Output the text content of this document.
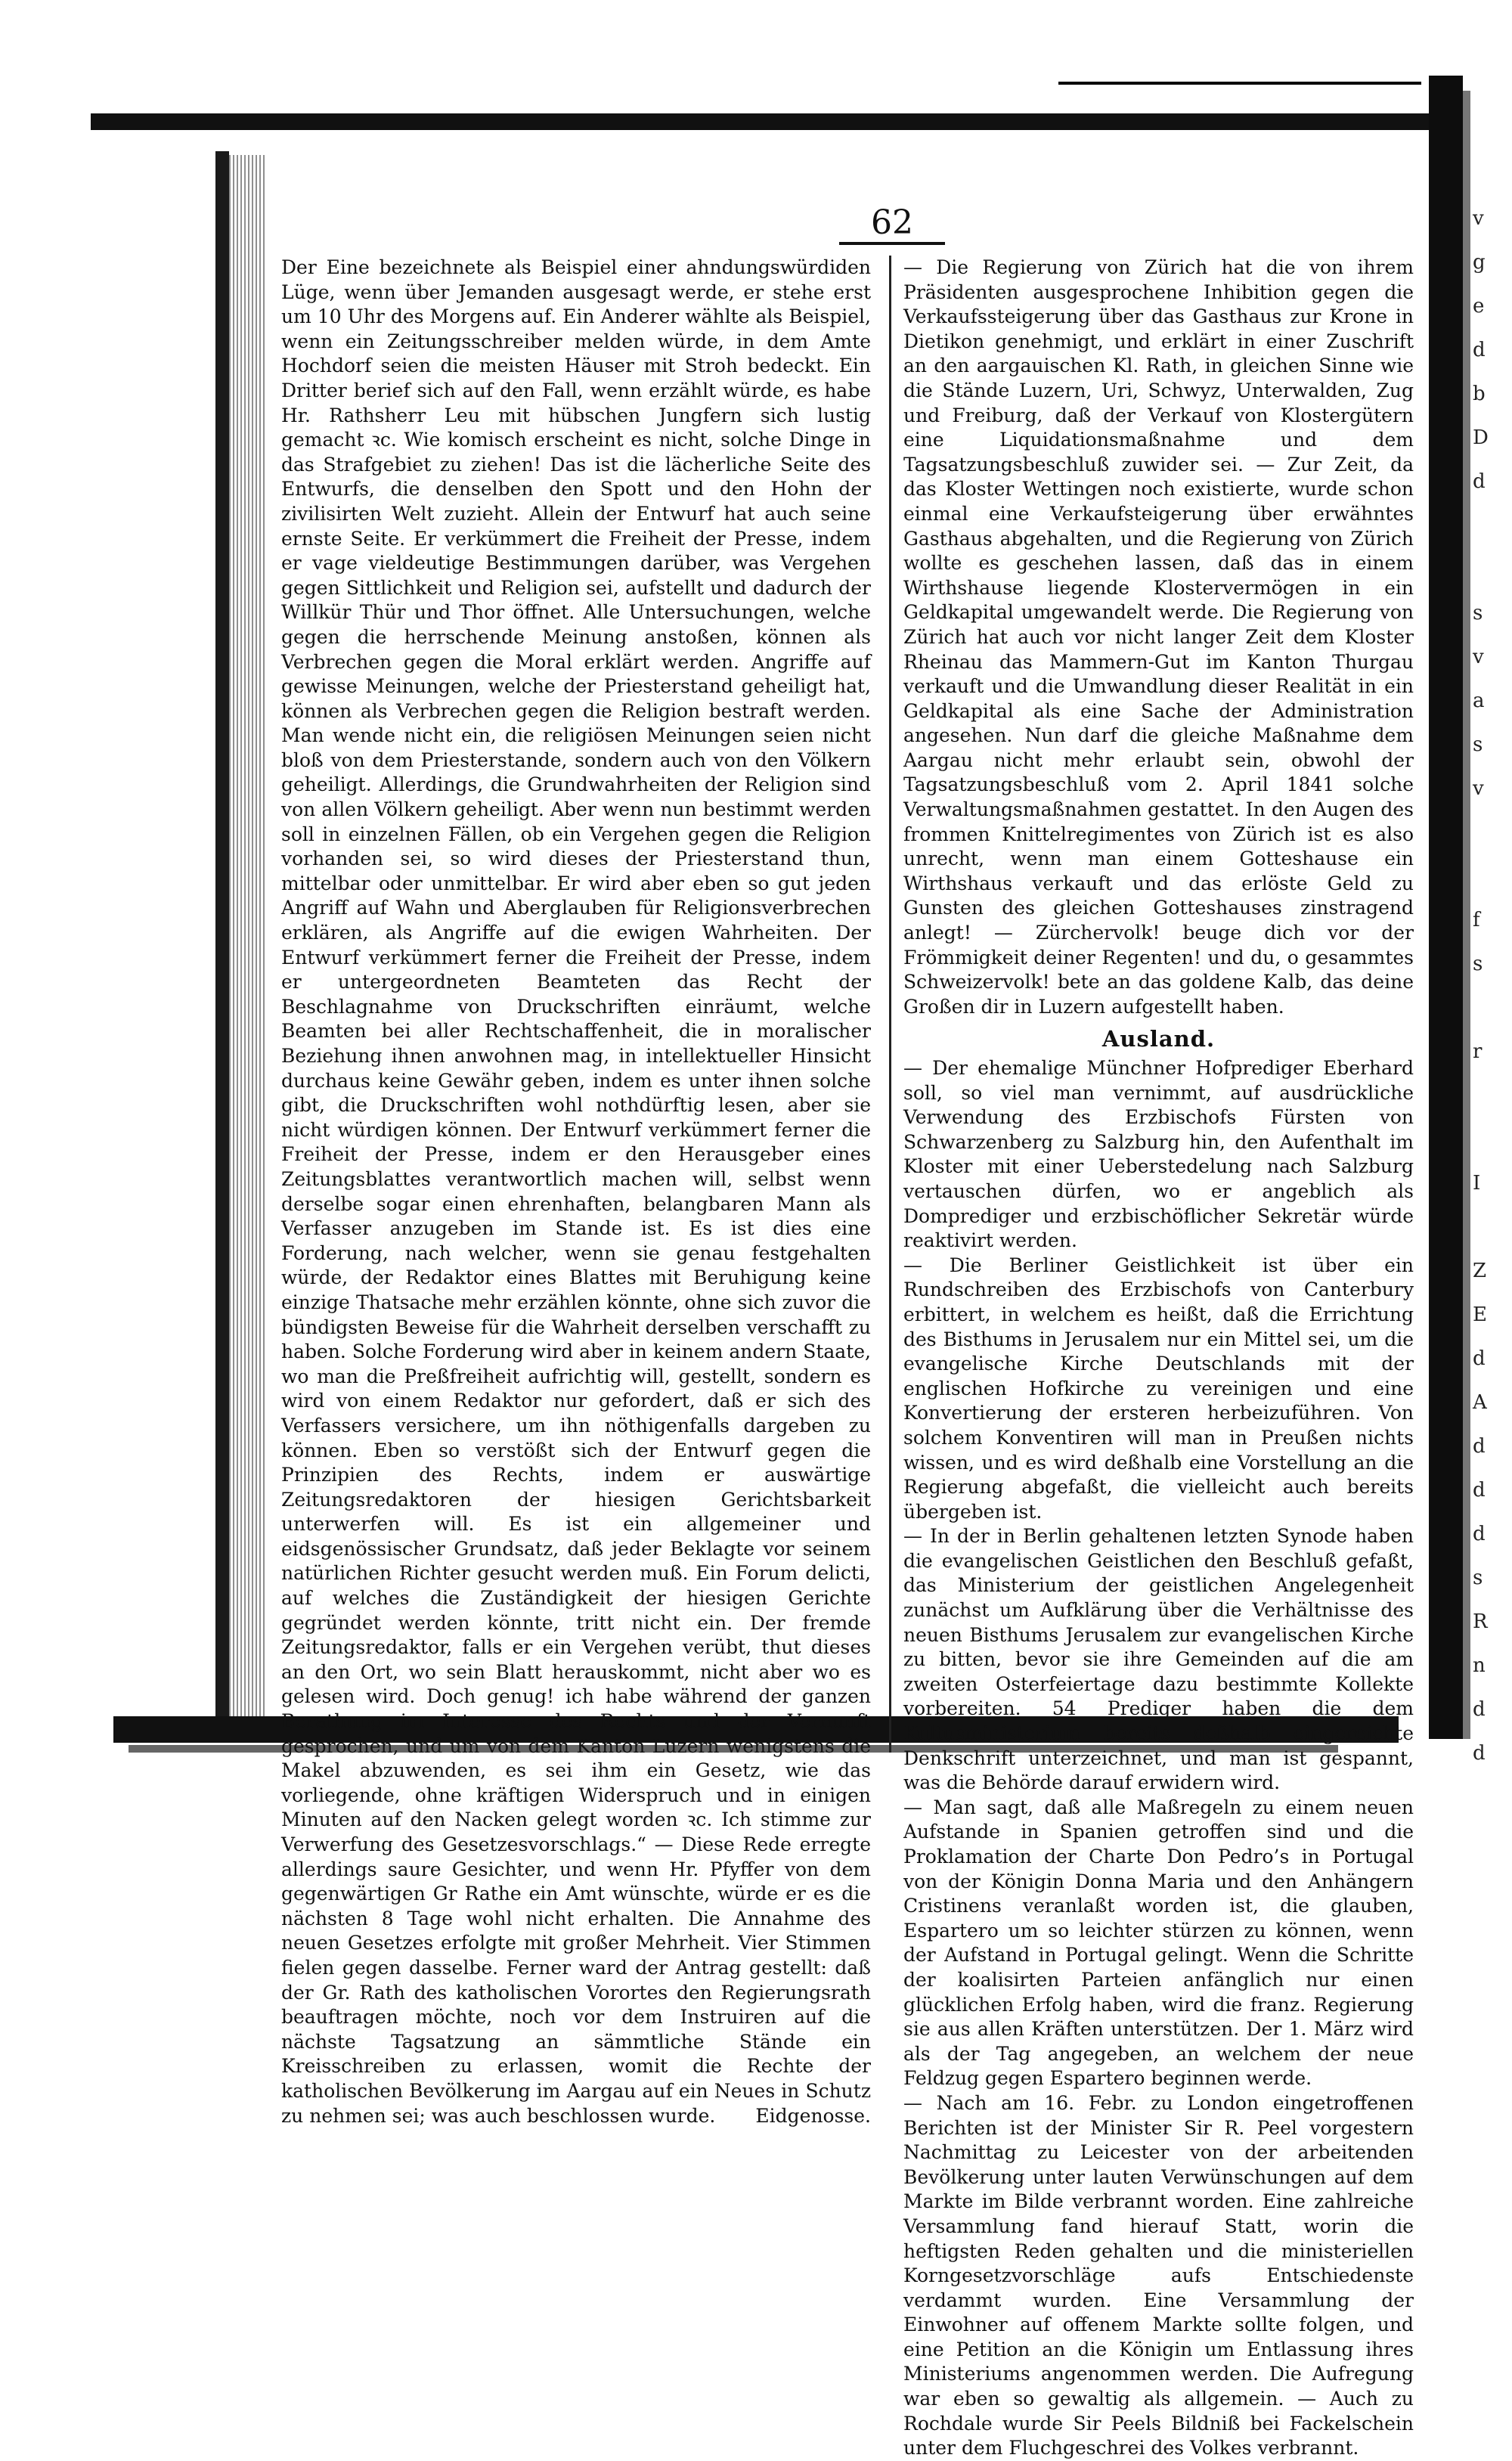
v
g
e
d
b
D
d

s
v
a
s
v

f
s

r

I

Z
E
d
A
d
d
d
s
R
n
d
d
62

Der Eine bezeichnete als Beispiel einer ahndungswürdiden Lüge, wenn über Jemanden ausgesagt werde, er stehe erst um 10 Uhr des Morgens auf. Ein Anderer wählte als Beispiel, wenn ein Zeitungsschreiber melden würde, in dem Amte Hochdorf seien die meisten Häuser mit Stroh bedeckt. Ein Dritter berief sich auf den Fall, wenn erzählt würde, es habe Hr. Rathsherr Leu mit hübschen Jungfern sich lustig gemacht ꝛc. Wie komisch erscheint es nicht, solche Dinge in das Strafgebiet zu ziehen! Das ist die lächerliche Seite des Entwurfs, die denselben den Spott und den Hohn der zivilisirten Welt zuzieht. Allein der Entwurf hat auch seine ernste Seite. Er verkümmert die Freiheit der Presse, indem er vage vieldeutige Bestimmungen darüber, was Vergehen gegen Sittlichkeit und Religion sei, aufstellt und dadurch der Willkür Thür und Thor öffnet. Alle Untersuchungen, welche gegen die herrschende Meinung anstoßen, können als Verbrechen gegen die Moral erklärt werden. Angriffe auf gewisse Meinungen, welche der Priesterstand geheiligt hat, können als Verbrechen gegen die Religion bestraft werden. Man wende nicht ein, die religiösen Meinungen seien nicht bloß von dem Priesterstande, sondern auch von den Völkern geheiligt. Allerdings, die Grundwahrheiten der Religion sind von allen Völkern geheiligt. Aber wenn nun bestimmt werden soll in einzelnen Fällen, ob ein Vergehen gegen die Religion vorhanden sei, so wird dieses der Priesterstand thun, mittelbar oder unmittelbar. Er wird aber eben so gut jeden Angriff auf Wahn und Aberglauben für Religionsverbrechen erklären, als Angriffe auf die ewigen Wahrheiten. Der Entwurf verkümmert ferner die Freiheit der Presse, indem er untergeordneten Beamteten das Recht der Beschlagnahme von Druckschriften einräumt, welche Beamten bei aller Rechtschaffenheit, die in moralischer Beziehung ihnen anwohnen mag, in intellektueller Hinsicht durchaus keine Gewähr geben, indem es unter ihnen solche gibt, die Druckschriften wohl nothdürftig lesen, aber sie nicht würdigen können. Der Entwurf verkümmert ferner die Freiheit der Presse, indem er den Herausgeber eines Zeitungsblattes verantwortlich machen will, selbst wenn derselbe sogar einen ehrenhaften, belangbaren Mann als Verfasser anzugeben im Stande ist. Es ist dies eine Forderung, nach welcher, wenn sie genau festgehalten würde, der Redaktor eines Blattes mit Beruhigung keine einzige Thatsache mehr erzählen könnte, ohne sich zuvor die bündigsten Beweise für die Wahrheit derselben verschafft zu haben. Solche Forderung wird aber in keinem andern Staate, wo man die Preßfreiheit aufrichtig will, gestellt, sondern es wird von einem Redaktor nur gefordert, daß er sich des Verfassers versichere, um ihn nöthigenfalls dargeben zu können. Eben so verstößt sich der Entwurf gegen die Prinzipien des Rechts, indem er auswärtige Zeitungsredaktoren der hiesigen Gerichtsbarkeit unterwerfen will. Es ist ein allgemeiner und eidsgenössischer Grundsatz, daß jeder Beklagte vor seinem natürlichen Richter gesucht werden muß. Ein Forum delicti, auf welches die Zuständigkeit der hiesigen Gerichte gegründet werden könnte, tritt nicht ein. Der fremde Zeitungsredaktor, falls er ein Vergehen verübt, thut dieses an den Ort, wo sein Blatt herauskommt, nicht aber wo es gelesen wird. Doch genug! ich habe während der ganzen Berathung im Interesse des Rechts und der Vernunft gesprochen, und um von dem Kanton Luzern wenigstens die Makel abzuwenden, es sei ihm ein Gesetz, wie das vorliegende, ohne kräftigen Widerspruch und in einigen Minuten auf den Nacken gelegt worden ꝛc. Ich stimme zur Verwerfung des Gesetzesvorschlags.“ — Diese Rede erregte allerdings saure Gesichter, und wenn Hr. Pfyffer von dem gegenwärtigen Gr Rathe ein Amt wünschte, würde er es die nächsten 8 Tage wohl nicht erhalten. Die Annahme des neuen Gesetzes erfolgte mit großer Mehrheit. Vier Stimmen fielen gegen dasselbe. Ferner ward der Antrag gestellt: daß der Gr. Rath des katholischen Vorortes den Regierungsrath beauftragen möchte, noch vor dem Instruiren auf die nächste Tagsatzung an sämmtliche Stände ein Kreisschreiben zu erlassen, womit die Rechte der katholischen Bevölkerung im Aargau auf ein Neues in Schutz zu nehmen sei; was auch beschlossen wurde. Eidgenosse.

— Die Regierung von Zürich hat die von ihrem Präsidenten ausgesprochene Inhibition gegen die Verkaufssteigerung über das Gasthaus zur Krone in Dietikon genehmigt, und erklärt in einer Zuschrift an den aargauischen Kl. Rath, in gleichen Sinne wie die Stände Luzern, Uri, Schwyz, Unterwalden, Zug und Freiburg, daß der Verkauf von Klostergütern eine Liquidationsmaßnahme und dem Tagsatzungsbeschluß zuwider sei. — Zur Zeit, da das Kloster Wettingen noch existierte, wurde schon einmal eine Verkaufsteigerung über erwähntes Gasthaus abgehalten, und die Regierung von Zürich wollte es geschehen lassen, daß das in einem Wirthshause liegende Klostervermögen in ein Geldkapital umgewandelt werde. Die Regierung von Zürich hat auch vor nicht langer Zeit dem Kloster Rheinau das Mammern-Gut im Kanton Thurgau verkauft und die Umwandlung dieser Realität in ein Geldkapital als eine Sache der Administration angesehen. Nun darf die gleiche Maßnahme dem Aargau nicht mehr erlaubt sein, obwohl der Tagsatzungsbeschluß vom 2. April 1841 solche Verwaltungsmaßnahmen gestattet. In den Augen des frommen Knittelregimentes von Zürich ist es also unrecht, wenn man einem Gotteshause ein Wirthshaus verkauft und das erlöste Geld zu Gunsten des gleichen Gotteshauses zinstragend anlegt! — Zürchervolk! beuge dich vor der Frömmigkeit deiner Regenten! und du, o gesammtes Schweizervolk! bete an das goldene Kalb, das deine Großen dir in Luzern aufgestellt haben.

Ausland.

— Der ehemalige Münchner Hofprediger Eberhard soll, so viel man vernimmt, auf ausdrückliche Verwendung des Erzbischofs Fürsten von Schwarzenberg zu Salzburg hin, den Aufenthalt im Kloster mit einer Ueberstedelung nach Salzburg vertauschen dürfen, wo er angeblich als Domprediger und erzbischöflicher Sekretär würde reaktivirt werden.

— Die Berliner Geistlichkeit ist über ein Rundschreiben des Erzbischofs von Canterbury erbittert, in welchem es heißt, daß die Errichtung des Bisthums in Jerusalem nur ein Mittel sei, um die evangelische Kirche Deutschlands mit der englischen Hofkirche zu vereinigen und eine Konvertierung der ersteren herbeizuführen. Von solchem Konventiren will man in Preußen nichts wissen, und es wird deßhalb eine Vorstellung an die Regierung abgefaßt, die vielleicht auch bereits übergeben ist.

— In der in Berlin gehaltenen letzten Synode haben die evangelischen Geistlichen den Beschluß gefaßt, das Ministerium der geistlichen Angelegenheit zunächst um Aufklärung über die Verhältnisse des neuen Bisthums Jerusalem zur evangelischen Kirche zu bitten, bevor sie ihre Gemeinden auf die am zweiten Osterfeiertage dazu bestimmte Kollekte vorbereiten. 54 Prediger haben die dem Kultusministerium bereits deßhalb eingereichte Denkschrift unterzeichnet, und man ist gespannt, was die Behörde darauf erwidern wird.

— Man sagt, daß alle Maßregeln zu einem neuen Aufstande in Spanien getroffen sind und die Proklamation der Charte Don Pedro’s in Portugal von der Königin Donna Maria und den Anhängern Cristinens veranlaßt worden ist, die glauben, Espartero um so leichter stürzen zu können, wenn der Aufstand in Portugal gelingt. Wenn die Schritte der koalisirten Parteien anfänglich nur einen glücklichen Erfolg haben, wird die franz. Regierung sie aus allen Kräften unterstützen. Der 1. März wird als der Tag angegeben, an welchem der neue Feldzug gegen Espartero beginnen werde.

— Nach am 16. Febr. zu London eingetroffenen Berichten ist der Minister Sir R. Peel vorgestern Nachmittag zu Leicester von der arbeitenden Bevölkerung unter lauten Verwünschungen auf dem Markte im Bilde verbrannt worden. Eine zahlreiche Versammlung fand hierauf Statt, worin die heftigsten Reden gehalten und die ministeriellen Korngesetzvorschläge aufs Entschiedenste verdammt wurden. Eine Versammlung der Einwohner auf offenem Markte sollte folgen, und eine Petition an die Königin um Entlassung ihres Ministeriums angenommen werden. Die Aufregung war eben so gewaltig als allgemein. — Auch zu Rochdale wurde Sir Peels Bildniß bei Fackelschein unter dem Fluchgeschrei des Volkes verbrannt.
